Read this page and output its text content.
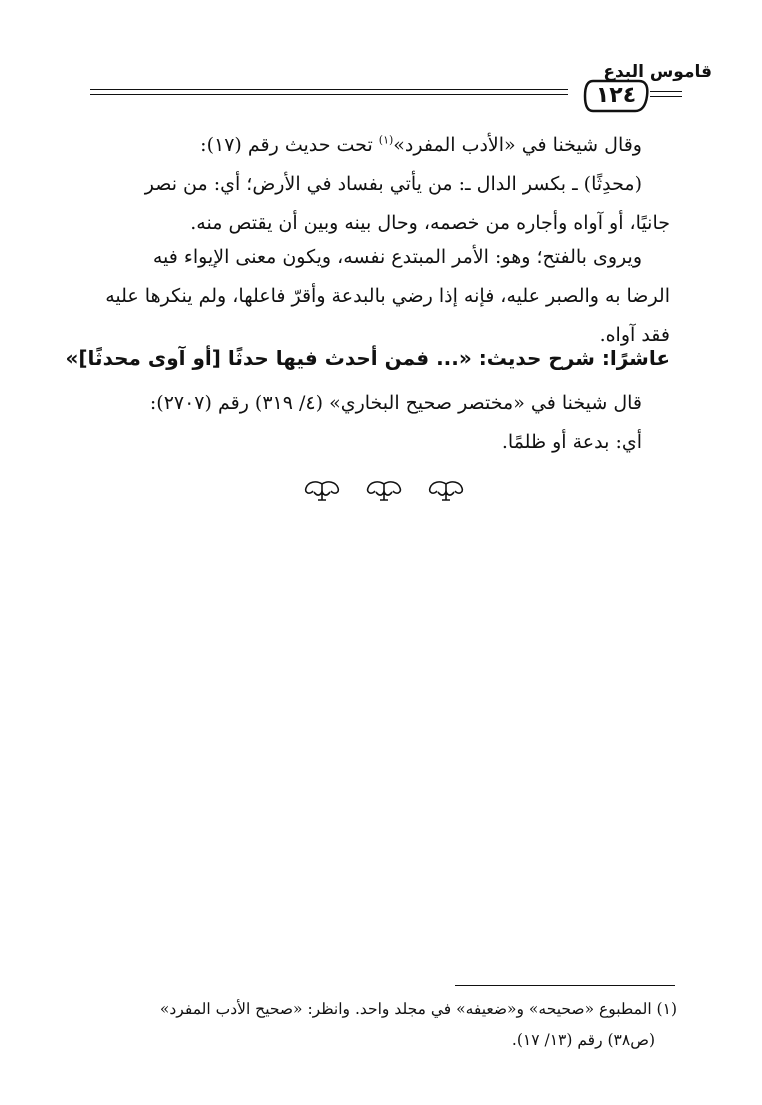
قاموس البدع
١٢٤
وقال شيخنا في «الأدب المفرد»$^{(١)}$ تحت حديث رقم (١٧):
(محدِثًا) ـ بكسر الدال ـ: من يأتي بفساد في الأرض؛ أي: من نصر
جانيًا، أو آواه وأجاره من خصمه، وحال بينه وبين أن يقتص منه.
ويروى بالفتح؛ وهو: الأمر المبتدع نفسه، ويكون معنى الإيواء فيه
الرضا به والصبر عليه، فإنه إذا رضي بالبدعة وأقرّ فاعلها، ولم ينكرها عليه
فقد آواه.
عاشرًا: شرح حديث: «... فمن أحدث فيها حدثًا [أو آوى محدثًا]»
قال شيخنا في «مختصر صحيح البخاري» (٤/ ٣١٩) رقم (٢٧٠٧):
أي: بدعة أو ظلمًا.
(١) المطبوع «صحيحه» و«ضعيفه» في مجلد واحد. وانظر: «صحيح الأدب المفرد»
(ص٣٨) رقم (١٣/ ١٧).
